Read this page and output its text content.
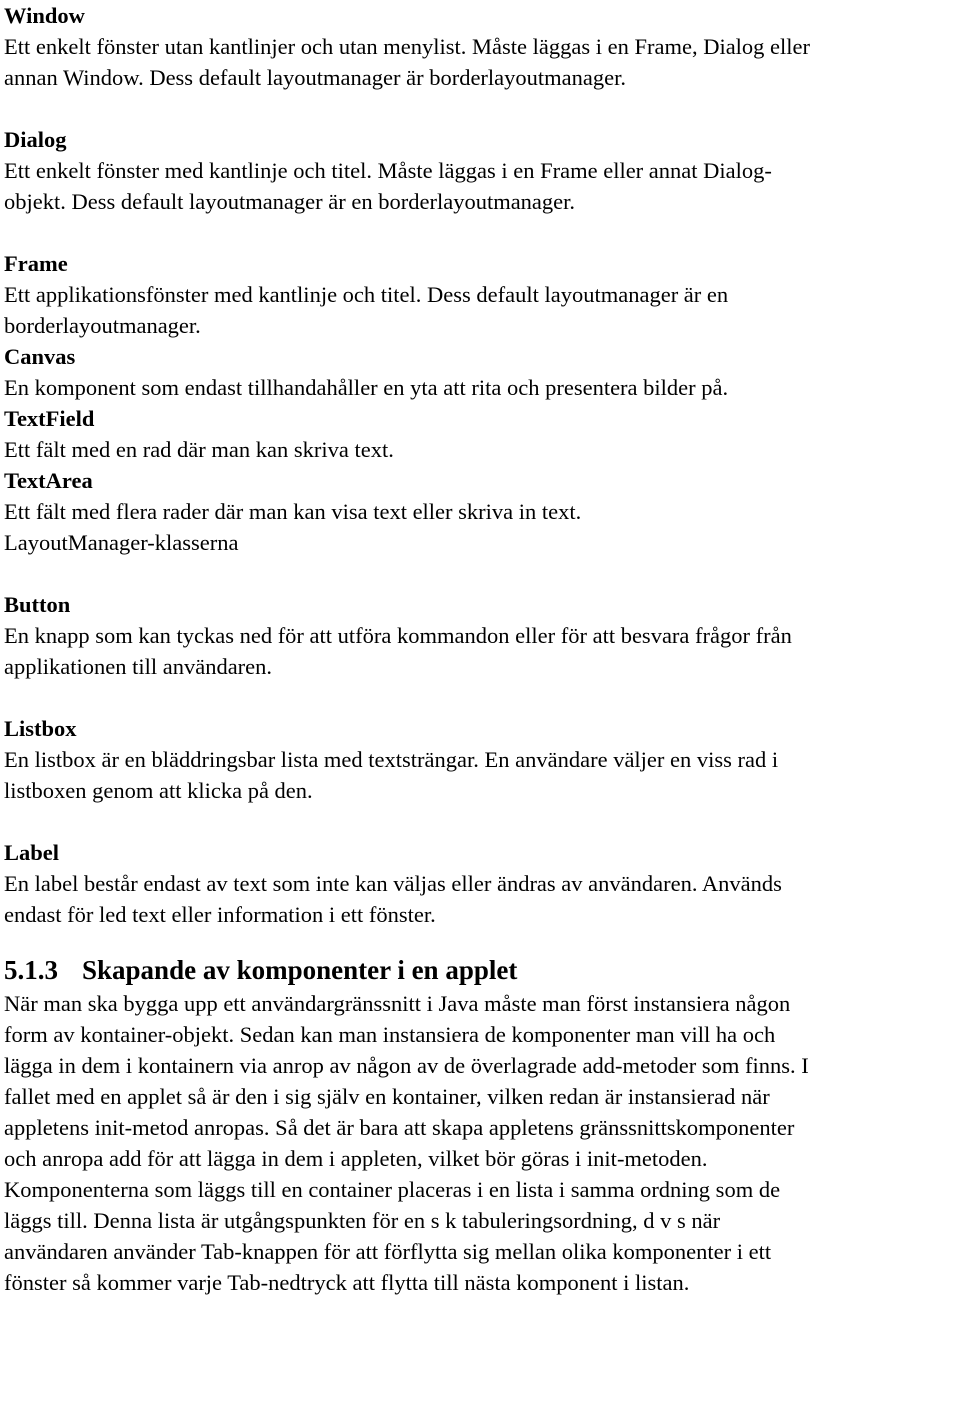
Window
Ett enkelt fönster utan kantlinjer och utan menylist. Måste läggas i en Frame, Dialog eller
annan Window. Dess default layoutmanager är borderlayoutmanager.
Dialog
Ett enkelt fönster med kantlinje och titel. Måste läggas i en Frame eller annat Dialog-
objekt. Dess default layoutmanager är en borderlayoutmanager.
Frame
Ett applikationsfönster med kantlinje och titel. Dess default layoutmanager är en
borderlayoutmanager.
Canvas
En komponent som endast tillhandahåller en yta att rita och presentera bilder på.
TextField
Ett fält med en rad där man kan skriva text.
TextArea
Ett fält med flera rader där man kan visa text eller skriva in text.
LayoutManager-klasserna
Button
En knapp som kan tyckas ned för att utföra kommandon eller för att besvara frågor från
applikationen till användaren.
Listbox
En listbox är en bläddringsbar lista med textsträngar. En användare väljer en viss rad i
listboxen genom att klicka på den.
Label
En label består endast av text som inte kan väljas eller ändras av användaren. Används
endast för led text eller information i ett fönster.
5.1.3 Skapande av komponenter i en applet
När man ska bygga upp ett användargränssnitt i Java måste man först instansiera någon
form av kontainer-objekt. Sedan kan man instansiera de komponenter man vill ha och
lägga in dem i kontainern via anrop av någon av de överlagrade add-metoder som finns. I
fallet med en applet så är den i sig själv en kontainer, vilken redan är instansierad när
appletens init-metod anropas. Så det är bara att skapa appletens gränssnittskomponenter
och anropa add för att lägga in dem i appleten, vilket bör göras i init-metoden.
Komponenterna som läggs till en container placeras i en lista i samma ordning som de
läggs till. Denna lista är utgångspunkten för en s k tabuleringsordning, d v s när
användaren använder Tab-knappen för att förflytta sig mellan olika komponenter i ett
fönster så kommer varje Tab-nedtryck att flytta till nästa komponent i listan.
